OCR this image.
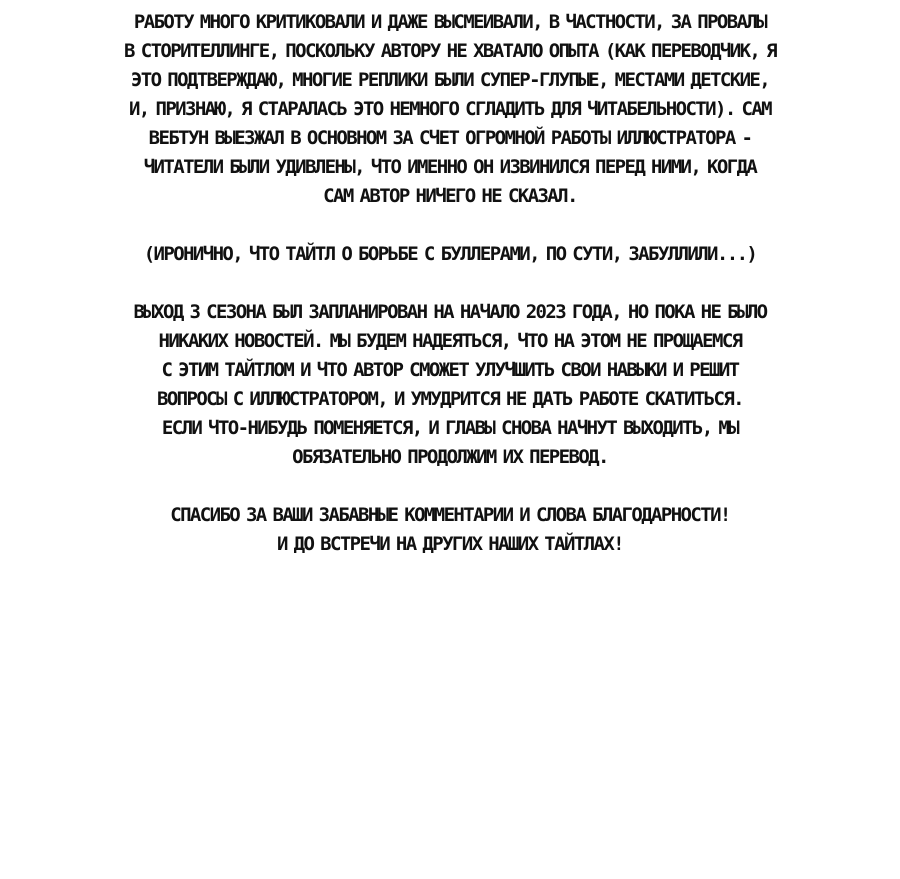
РАБОТУ МНОГО КРИТИКОВАЛИ И ДАЖЕ ВЫСМЕИВАЛИ, В ЧАСТНОСТИ, ЗА ПРОВАЛЫ
В СТОРИТЕЛЛИНГЕ, ПОСКОЛЬКУ АВТОРУ НЕ ХВАТАЛО ОПЫТА (КАК ПЕРЕВОДЧИК, Я
ЭТО ПОДТВЕРЖДАЮ, МНОГИЕ РЕПЛИКИ БЫЛИ СУПЕР-ГЛУПЫЕ, МЕСТАМИ ДЕТСКИЕ,
И, ПРИЗНАЮ, Я СТАРАЛАСЬ ЭТО НЕМНОГО СГЛАДИТЬ ДЛЯ ЧИТАБЕЛЬНОСТИ). САМ
ВЕБТУН ВЫЕЗЖАЛ В ОСНОВНОМ ЗА СЧЕТ ОГРОМНОЙ РАБОТЫ ИЛЛЮСТРАТОРА -
ЧИТАТЕЛИ БЫЛИ УДИВЛЕНЫ, ЧТО ИМЕННО ОН ИЗВИНИЛСЯ ПЕРЕД НИМИ, КОГДА
САМ АВТОР НИЧЕГО НЕ СКАЗАЛ.
(ИРОНИЧНО, ЧТО ТАЙТЛ О БОРЬБЕ С БУЛЛЕРАМИ, ПО СУТИ, ЗАБУЛЛИЛИ...)
ВЫХОД 3 СЕЗОНА БЫЛ ЗАПЛАНИРОВАН НА НАЧАЛО 2023 ГОДА, НО ПОКА НЕ БЫЛО
НИКАКИХ НОВОСТЕЙ. МЫ БУДЕМ НАДЕЯТЬСЯ, ЧТО НА ЭТОМ НЕ ПРОЩАЕМСЯ
С ЭТИМ ТАЙТЛОМ И ЧТО АВТОР СМОЖЕТ УЛУЧШИТЬ СВОИ НАВЫКИ И РЕШИТ
ВОПРОСЫ С ИЛЛЮСТРАТОРОМ, И УМУДРИТСЯ НЕ ДАТЬ РАБОТЕ СКАТИТЬСЯ.
ЕСЛИ ЧТО-НИБУДЬ ПОМЕНЯЕТСЯ, И ГЛАВЫ СНОВА НАЧНУТ ВЫХОДИТЬ, МЫ
ОБЯЗАТЕЛЬНО ПРОДОЛЖИМ ИХ ПЕРЕВОД.
СПАСИБО ЗА ВАШИ ЗАБАВНЫЕ КОММЕНТАРИИ И СЛОВА БЛАГОДАРНОСТИ!
И ДО ВСТРЕЧИ НА ДРУГИХ НАШИХ ТАЙТЛАХ!
